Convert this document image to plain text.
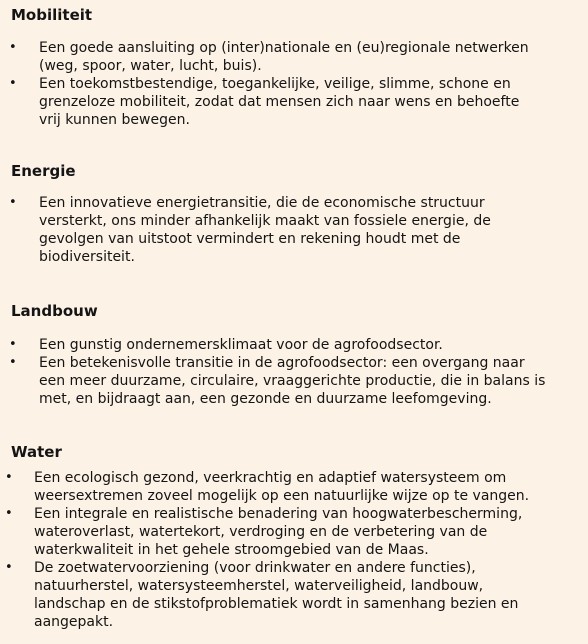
Mobiliteit
• Een goede aansluiting op (inter)nationale en (eu)regionale netwerken
(weg, spoor, water, lucht, buis).
• Een toekomstbestendige, toegankelijke, veilige, slimme, schone en
grenzeloze mobiliteit, zodat dat mensen zich naar wens en behoefte
vrij kunnen bewegen.
Energie
• Een innovatieve energietransitie, die de economische structuur
versterkt, ons minder afhankelijk maakt van fossiele energie, de
gevolgen van uitstoot vermindert en rekening houdt met de
biodiversiteit.
Landbouw
• Een gunstig ondernemersklimaat voor de agrofoodsector.
• Een betekenisvolle transitie in de agrofoodsector: een overgang naar
een meer duurzame, circulaire, vraaggerichte productie, die in balans is
met, en bijdraagt aan, een gezonde en duurzame leefomgeving.
Water
• Een ecologisch gezond, veerkrachtig en adaptief watersysteem om
weersextremen zoveel mogelijk op een natuurlijke wijze op te vangen.
• Een integrale en realistische benadering van hoogwaterbescherming,
wateroverlast, watertekort, verdroging en de verbetering van de
waterkwaliteit in het gehele stroomgebied van de Maas.
• De zoetwatervoorziening (voor drinkwater en andere functies),
natuurherstel, watersysteemherstel, waterveiligheid, landbouw,
landschap en de stikstofproblematiek wordt in samenhang bezien en
aangepakt.
